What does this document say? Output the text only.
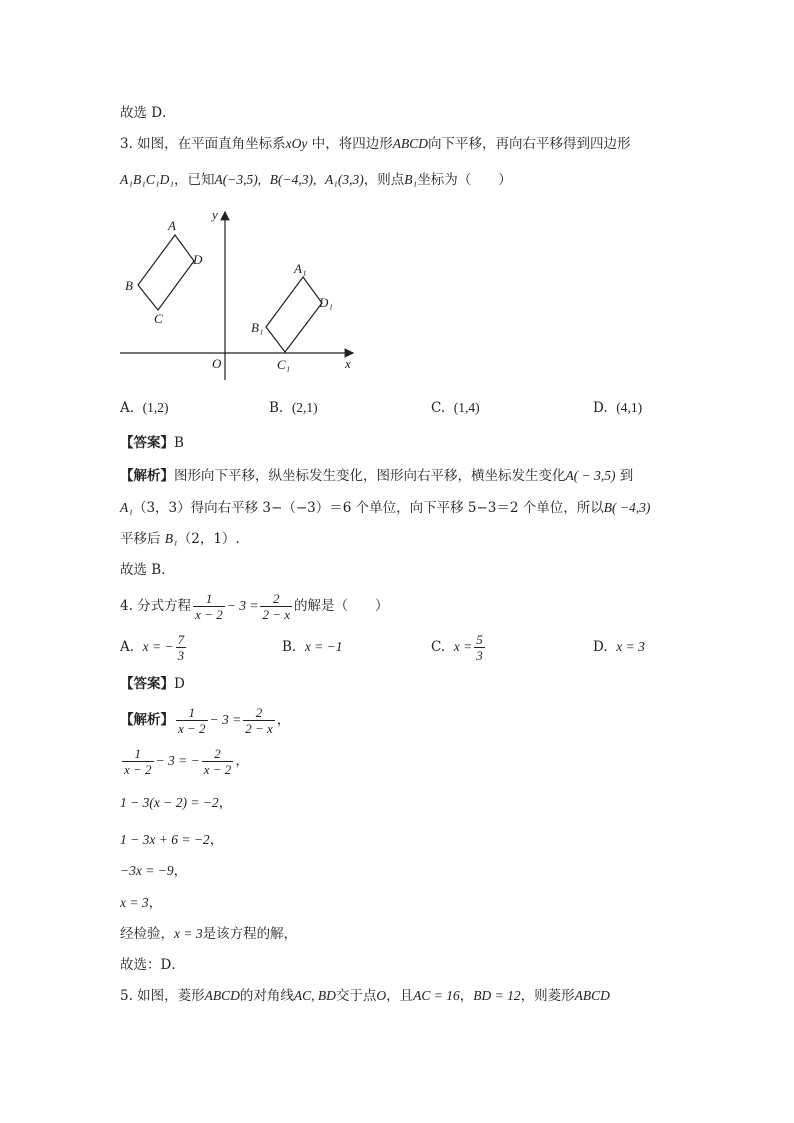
故选 D．
3. 如图，在平面直角坐标系xOy 中，将四边形ABCD向下平移，再向右平移得到四边形
A₁B₁C₁D₁，已知A(−3,5), B(−4,3), A₁(3,3)，则点B₁坐标为（　　）
A
D
B
C
A₁
D₁
B₁
C₁
O	x
y
A. (1,2)	B. (2,1)	C. (1,4)	D. (4,1)
【答案】B
【解析】图形向下平移，纵坐标发生变化，图形向右平移，横坐标发生变化A( − 3,5) 到
A₁（3，3）得向右平移 3−（−3）＝6 个单位，向下平移 5−3＝2 个单位，所以B( −4,3)
平移后 B₁（2，1）.
故选 B．
4. 分式方程 $\frac{1}{x - 2} - 3 = \frac{2}{2 - x}$ 的解是（　　）
A. x = − $\frac{7}{3}$	B. x = −1	C. $x = \frac{5}{3}$	D. x = 3
【答案】D
【解析】 $\frac{1}{x - 2} - 3 = \frac{2}{2 - x}$ ，
$\frac{1}{x - 2} - 3$ = − $\frac{2}{x - 2}$ ，
1 − 3(x − 2) = −2，
1 − 3x + 6 = −2，
−3x = −9，
x = 3，
经检验，x = 3是该方程的解，
故选：D．
5. 如图，菱形ABCD的对角线AC, BD交于点O，且AC = 16，BD = 12，则菱形ABCD
